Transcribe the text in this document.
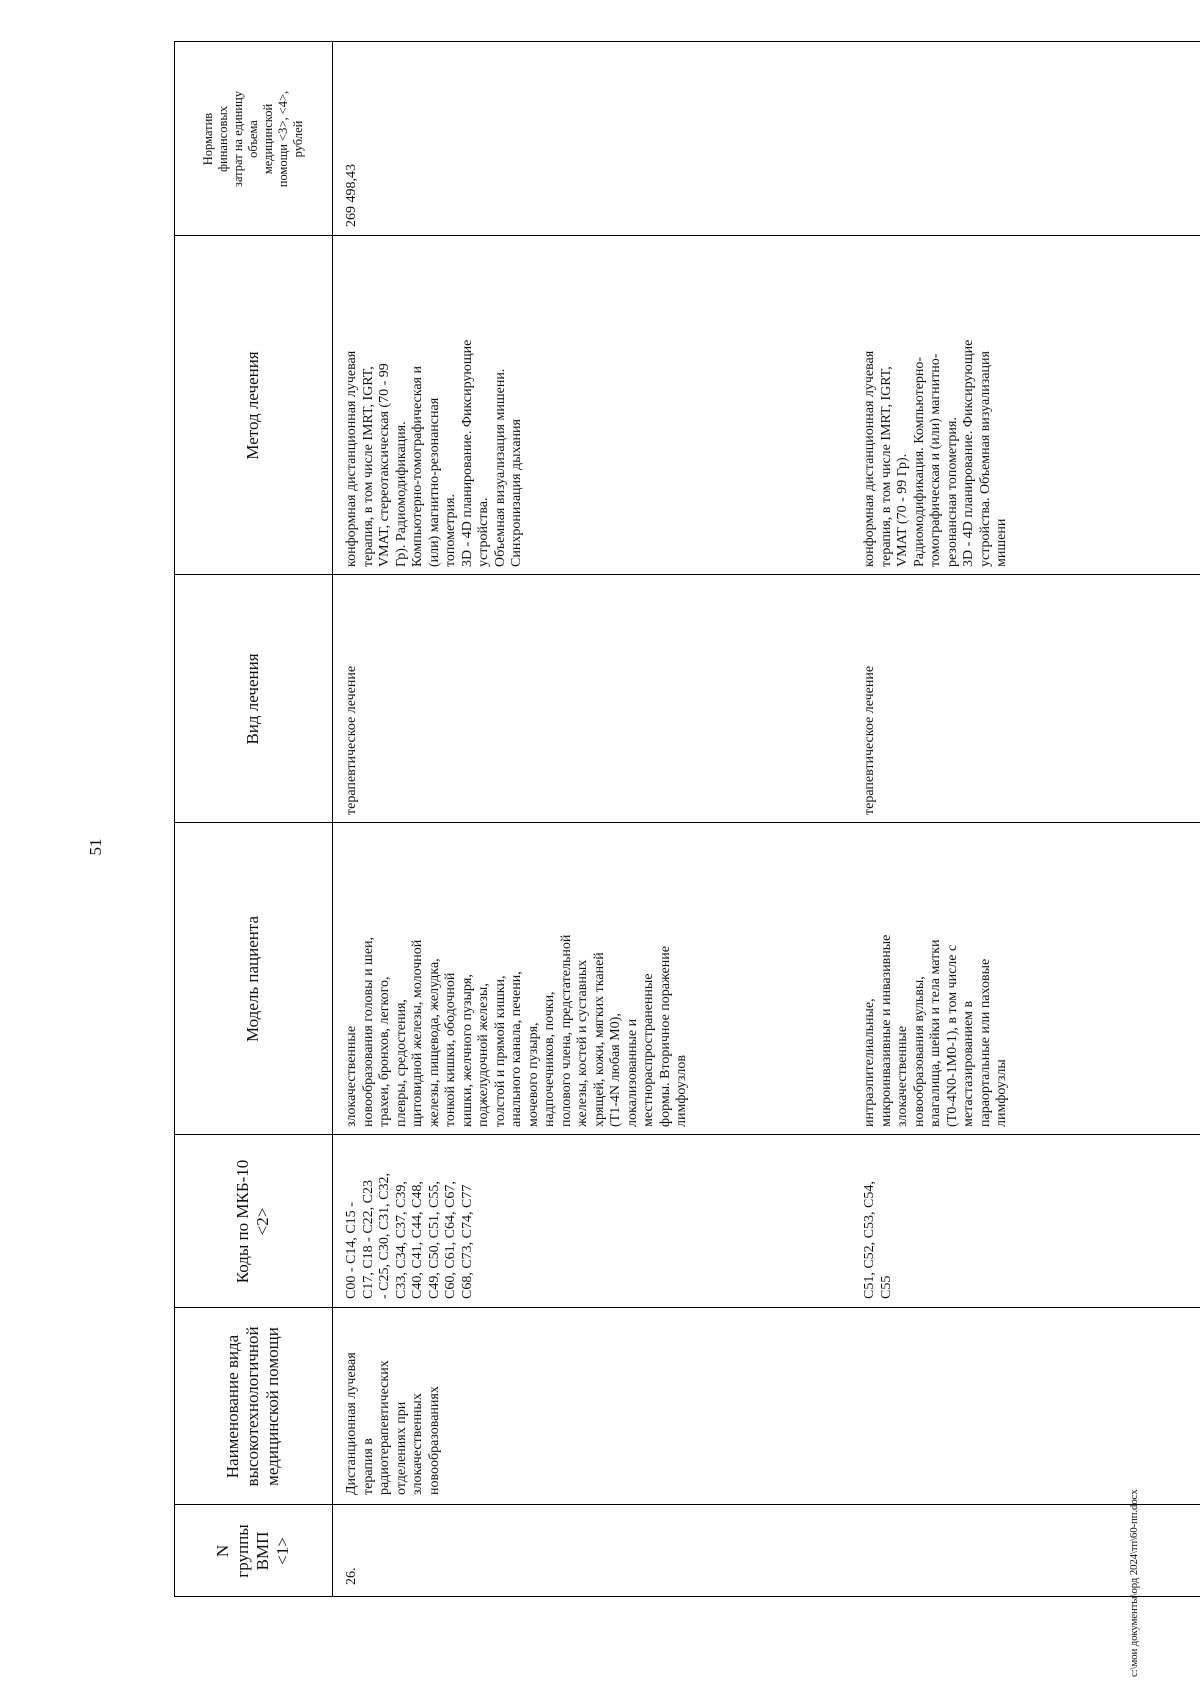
51
N
группы
ВМП
<1>
Наименование вида
высокотехнологичной
медицинской помощи
Коды по МКБ-10
<2>
Модель пациента
Вид лечения
Метод лечения
Норматив
финансовых
затрат на единицу
объема
медицинской
помощи <3>, <4>,
рублей
26.
Дистанционная лучевая
терапия в
радиотерапевтических
отделениях при
злокачественных
новообразованиях
C00 - C14, C15 -
C17, C18 - C22, C23
- C25, C30, C31, C32,
C33, C34, C37, C39,
C40, C41, C44, C48,
C49, C50, C51, C55,
C60, C61, C64, C67,
C68, C73, C74, C77
злокачественные
новообразования головы и шеи,
трахеи, бронхов, легкого,
плевры, средостения,
щитовидной железы, молочной
железы, пищевода, желудка,
тонкой кишки, ободочной
кишки, желчного пузыря,
поджелудочной железы,
толстой и прямой кишки,
анального канала, печени,
мочевого пузыря,
надпочечников, почки,
полового члена, предстательной
железы, костей и суставных
хрящей, кожи, мягких тканей
(T1-4N любая M0),
локализованные и
местнораспространенные
формы. Вторичное поражение
лимфоузлов
терапевтическое лечение
конформная дистанционная лучевая
терапия, в том числе IMRT, IGRT,
VMAT, стереотаксическая (70 - 99
Гр). Радиомодификация.
Компьютерно-томографическая и
(или) магнитно-резонансная
топометрия.
3D - 4D планирование. Фиксирующие
устройства.
Объемная визуализация мишени.
Синхронизация дыхания
269 498,43
C51, C52, C53, C54,
C55
интраэпителиальные,
микроинвазивные и инвазивные
злокачественные
новообразования вульвы,
влагалища, шейки и тела матки
(T0-4N0-1M0-1), в том числе с
метастазированием в
параортальные или паховые
лимфоузлы
терапевтическое лечение
конформная дистанционная лучевая
терапия, в том числе IMRT, IGRT,
VMAT (70 - 99 Гр).
Радиомодификация. Компьютерно-
томографическая и (или) магнитно-
резонансная топометрия.
3D - 4D планирование. Фиксирующие
устройства. Объемная визуализация
мишени
c:\мои документы\орд 2024\тп\60-пп.docx
